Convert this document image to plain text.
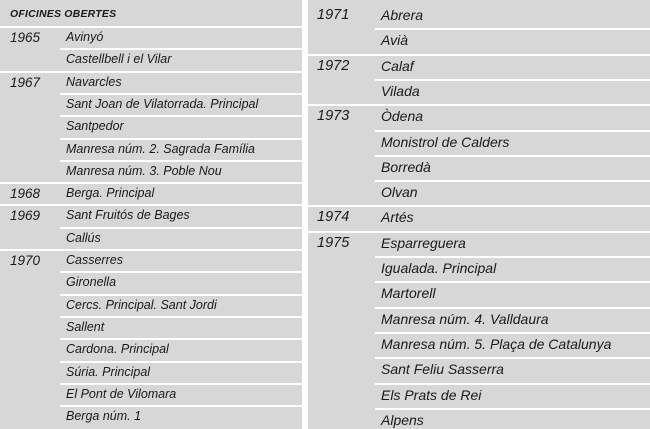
OFICINES OBERTES
1965 Avinyó
Castellbell i el Vilar
1967 Navarcles
Sant Joan de Vilatorrada. Principal
Santpedor
Manresa núm. 2. Sagrada Família
Manresa núm. 3. Poble Nou
1968 Berga. Principal
1969 Sant Fruitós de Bages
Callús
1970 Casserres
Gironella
Cercs. Principal. Sant Jordi
Sallent
Cardona. Principal
Súria. Principal
El Pont de Vilomara
Berga núm. 1
1971 Abrera
Avià
1972 Calaf
Vilada
1973 Òdena
Monistrol de Calders
Borredà
Olvan
1974 Artés
1975 Esparreguera
Igualada. Principal
Martorell
Manresa núm. 4. Valldaura
Manresa núm. 5. Plaça de Catalunya
Sant Feliu Sasserra
Els Prats de Rei
Alpens
